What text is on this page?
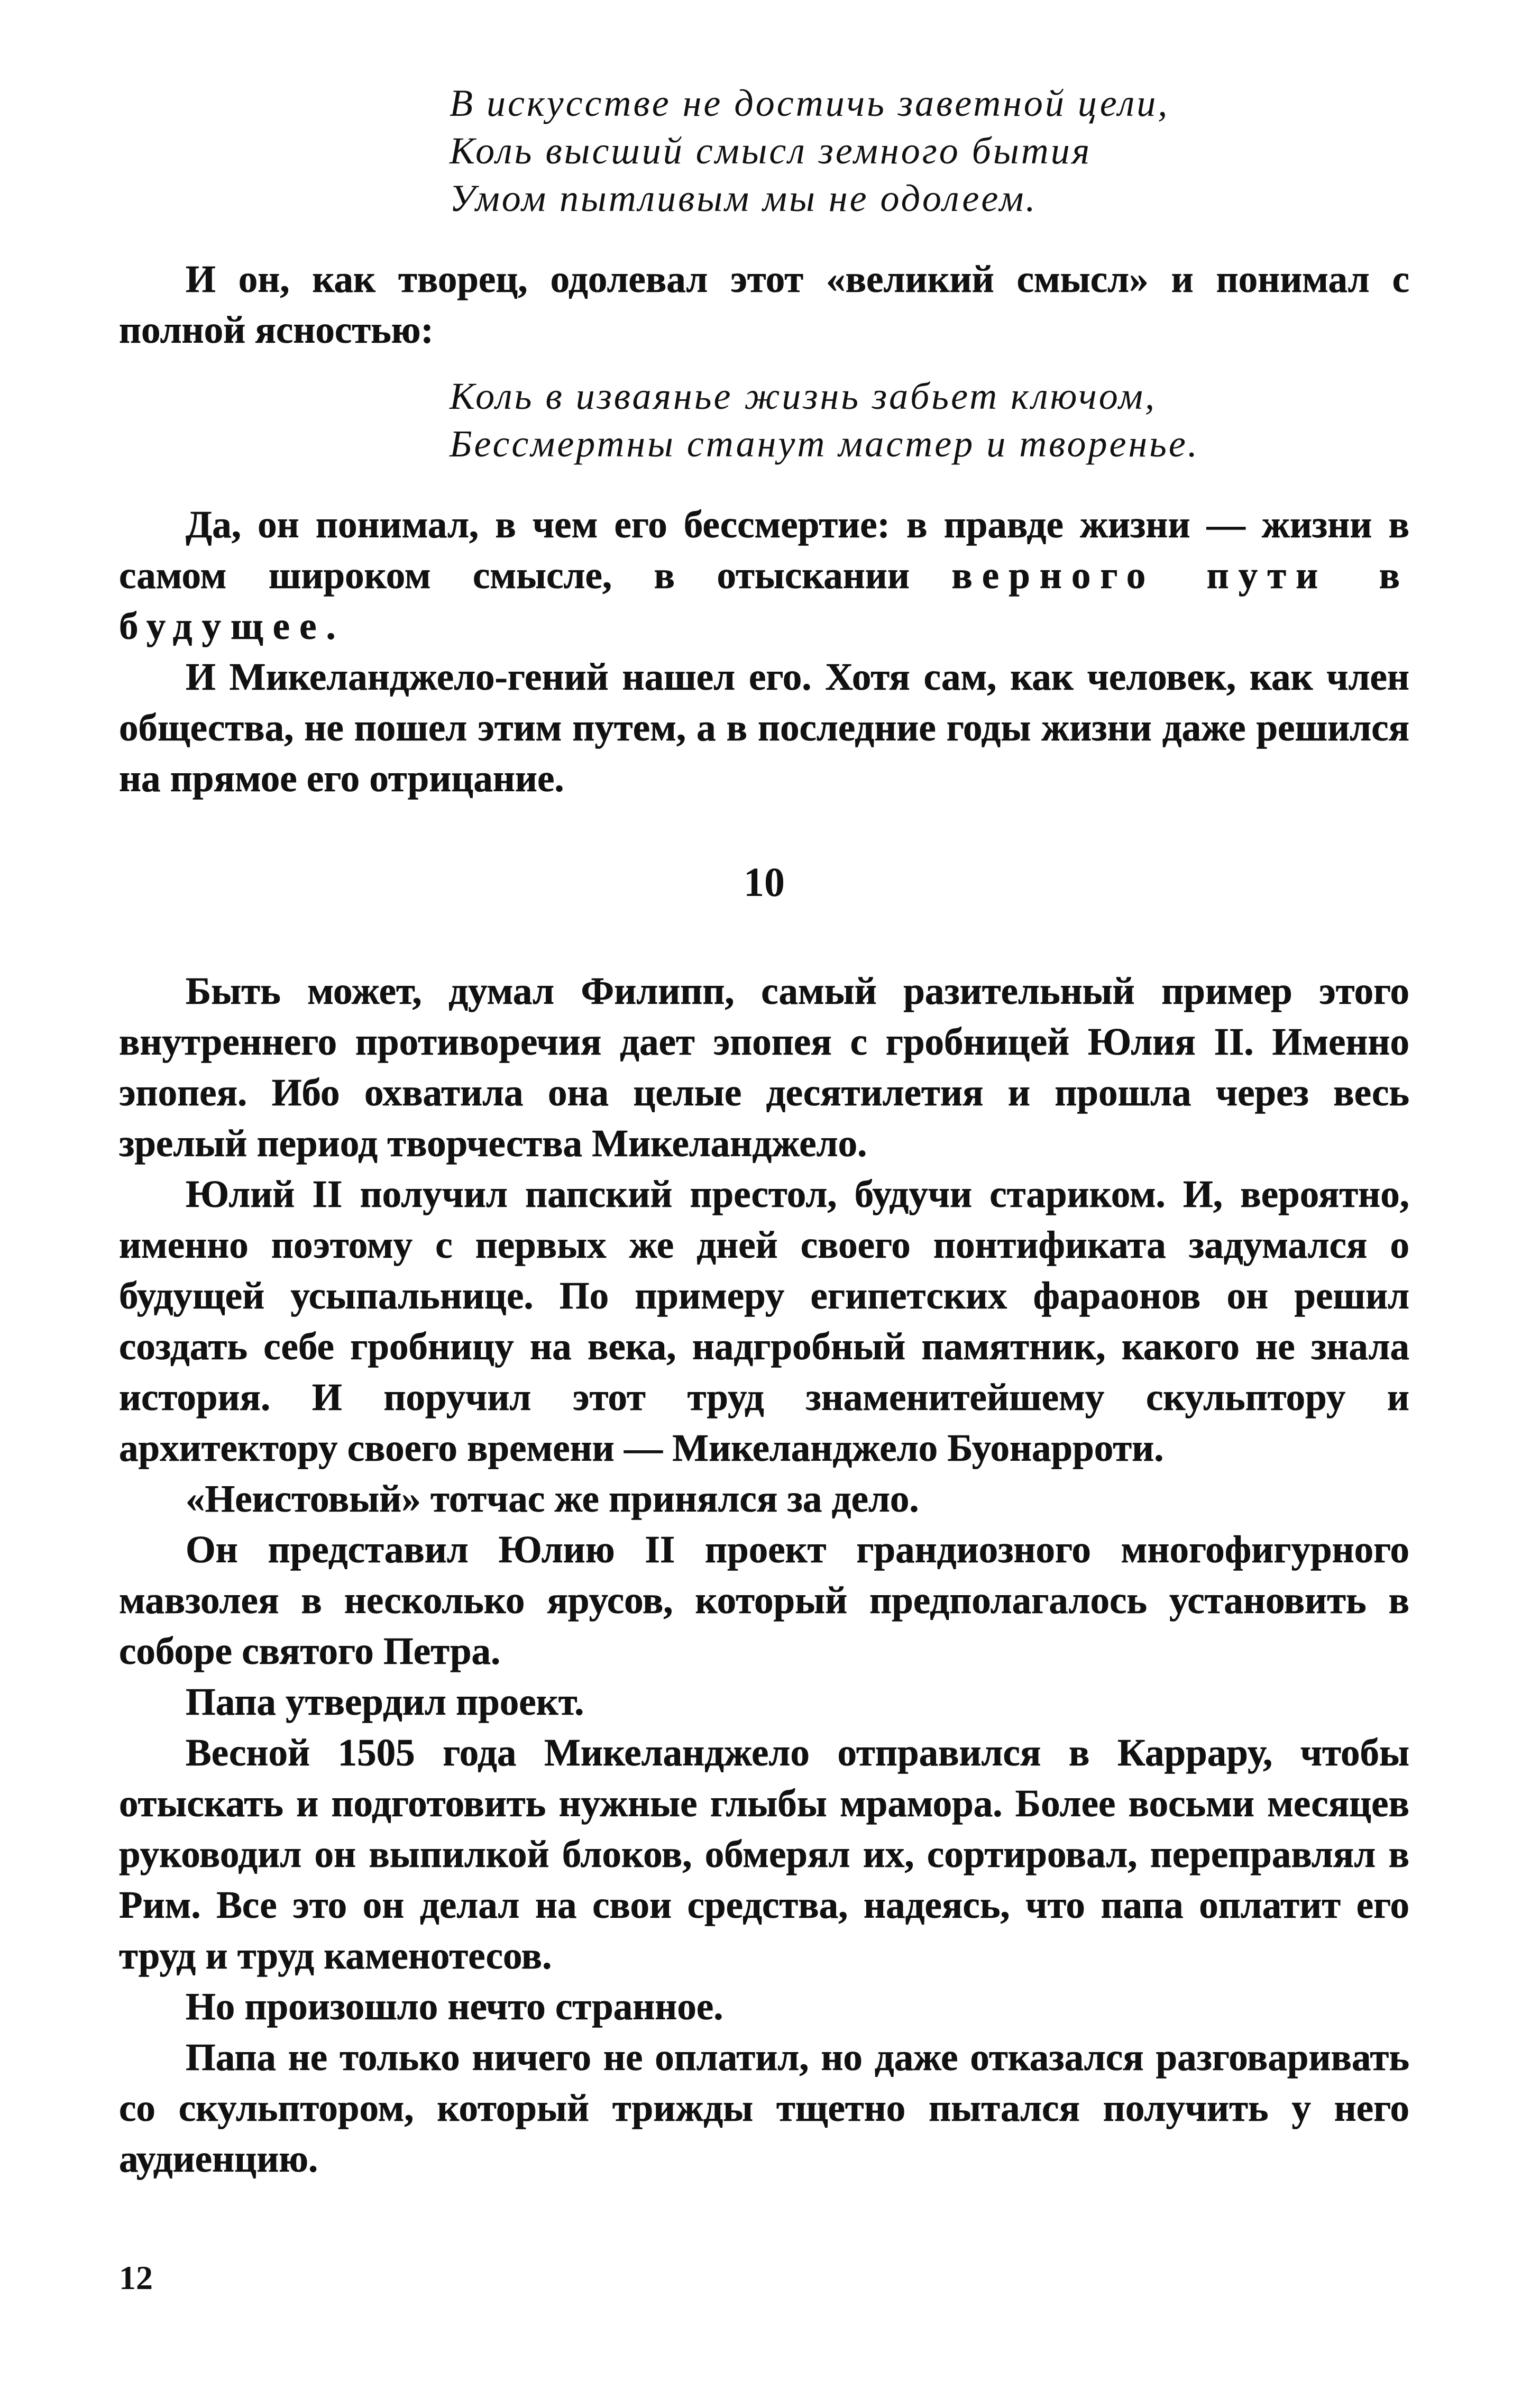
В искусстве не достичь заветной цели,
Коль высший смысл земного бытия
Умом пытливым мы не одолеем.

И он, как творец, одолевал этот «великий смысл» и понимал с полной ясностью:

Коль в изваянье жизнь забьет ключом,
Бессмертны станут мастер и творенье.

Да, он понимал, в чем его бессмертие: в правде жизни — жизни в самом широком смысле, в отыскании верного пути в будущее.

И Микеланджело-гений нашел его. Хотя сам, как человек, как член общества, не пошел этим путем, а в последние годы жизни даже решился на прямое его отрицание.

10

Быть может, думал Филипп, самый разительный пример этого внутреннего противоречия дает эпопея с гробницей Юлия II. Именно эпопея. Ибо охватила она целые десятилетия и прошла через весь зрелый период творчества Микеланджело.

Юлий II получил папский престол, будучи стариком. И, вероятно, именно поэтому с первых же дней своего понтификата задумался о будущей усыпальнице. По примеру египетских фараонов он решил создать себе гробницу на века, надгробный памятник, какого не знала история. И поручил этот труд знаменитейшему скульптору и архитектору своего времени — Микеланджело Буонарроти.

«Неистовый» тотчас же принялся за дело.

Он представил Юлию II проект грандиозного многофигурного мавзолея в несколько ярусов, который предполагалось установить в соборе святого Петра.

Папа утвердил проект.

Весной 1505 года Микеланджело отправился в Каррару, чтобы отыскать и подготовить нужные глыбы мрамора. Более восьми месяцев руководил он выпилкой блоков, обмерял их, сортировал, переправлял в Рим. Все это он делал на свои средства, надеясь, что папа оплатит его труд и труд каменотесов.

Но произошло нечто странное.

Папа не только ничего не оплатил, но даже отказался разговаривать со скульптором, который трижды тщетно пытался получить у него аудиенцию.

12
